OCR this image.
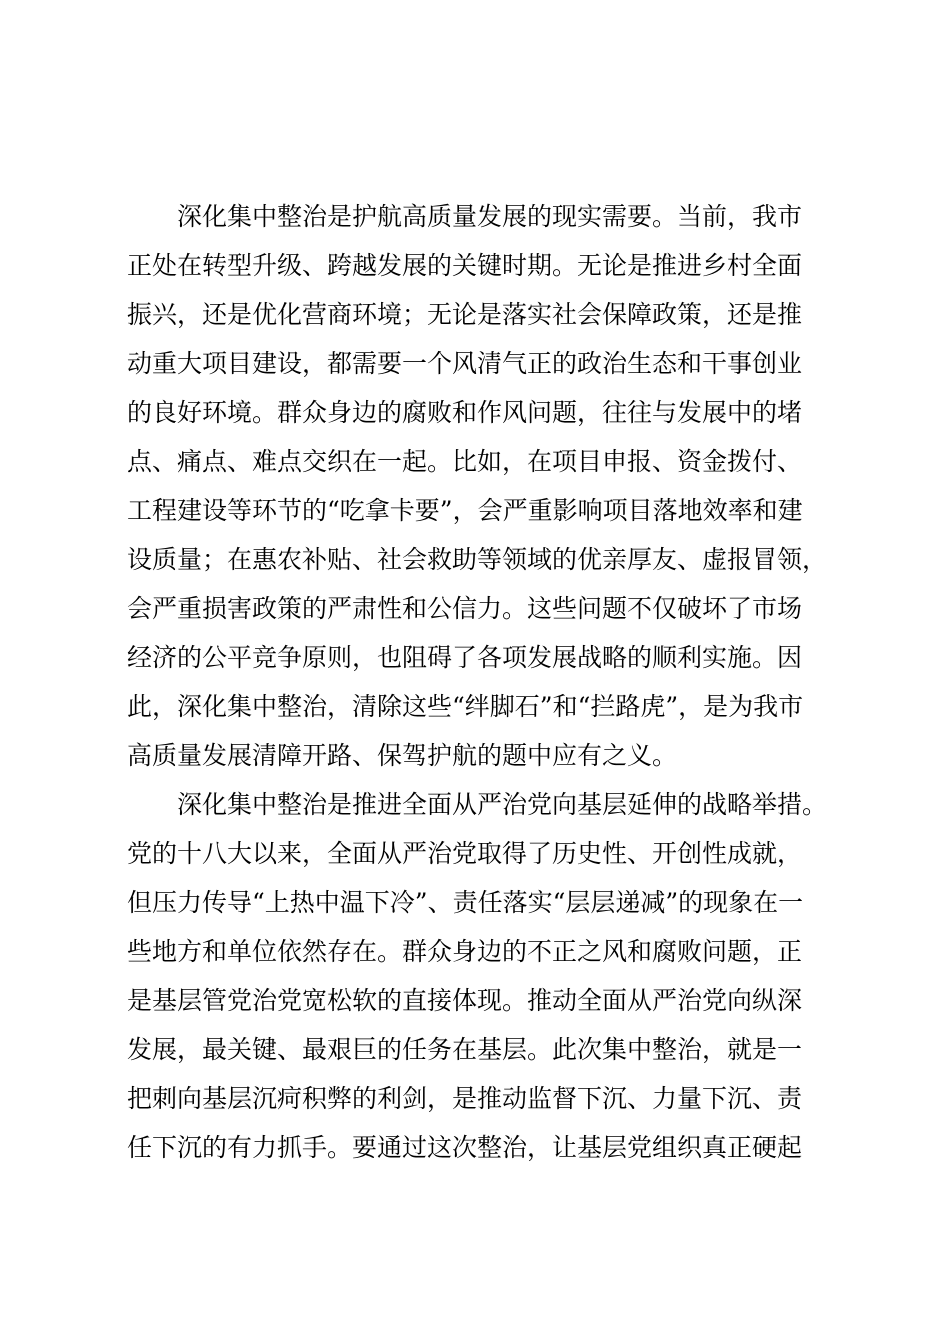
深化集中整治是护航高质量发展的现实需要。当前，我市

正处在转型升级、跨越发展的关键时期。无论是推进乡村全面

振兴，还是优化营商环境；无论是落实社会保障政策，还是推

动重大项目建设，都需要一个风清气正的政治生态和干事创业

的良好环境。群众身边的腐败和作风问题，往往与发展中的堵

点、痛点、难点交织在一起。比如，在项目申报、资金拨付、

工程建设等环节的“吃拿卡要”，会严重影响项目落地效率和建

设质量；在惠农补贴、社会救助等领域的优亲厚友、虚报冒领，

会严重损害政策的严肃性和公信力。这些问题不仅破坏了市场

经济的公平竞争原则，也阻碍了各项发展战略的顺利实施。因

此，深化集中整治，清除这些“绊脚石”和“拦路虎”，是为我市

高质量发展清障开路、保驾护航的题中应有之义。

深化集中整治是推进全面从严治党向基层延伸的战略举措。

党的十八大以来，全面从严治党取得了历史性、开创性成就，

但压力传导“上热中温下冷”、责任落实“层层递减”的现象在一

些地方和单位依然存在。群众身边的不正之风和腐败问题，正

是基层管党治党宽松软的直接体现。推动全面从严治党向纵深

发展，最关键、最艰巨的任务在基层。此次集中整治，就是一

把刺向基层沉疴积弊的利剑，是推动监督下沉、力量下沉、责

任下沉的有力抓手。要通过这次整治，让基层党组织真正硬起
